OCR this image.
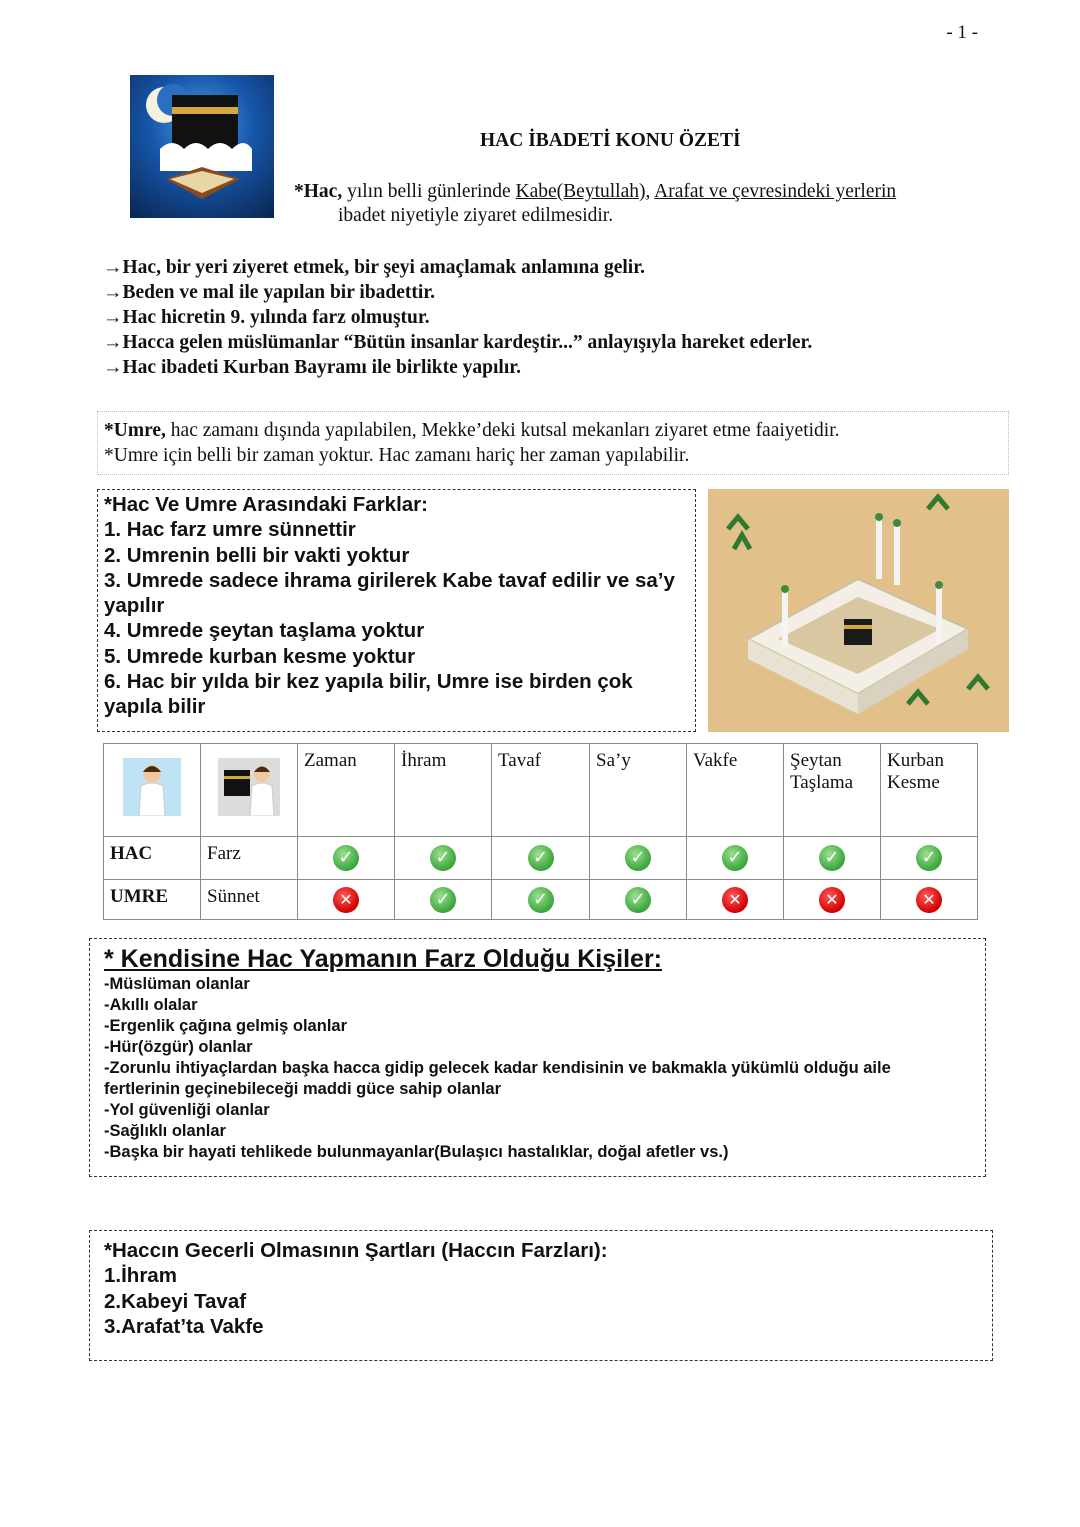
- 1 -
HAC İBADETİ KONU ÖZETİ
*Hac, yılın belli günlerinde Kabe(Beytullah), Arafat ve çevresindeki yerlerin
ibadet niyetiyle ziyaret edilmesidir.
→Hac, bir yeri ziyeret etmek, bir şeyi amaçlamak anlamına gelir.
→Beden ve mal ile yapılan bir ibadettir.
→Hac hicretin 9. yılında farz olmuştur.
→Hacca gelen müslümanlar “Bütün insanlar kardeştir...” anlayışıyla hareket ederler.
→Hac ibadeti Kurban Bayramı ile birlikte yapılır.
*Umre, hac zamanı dışında yapılabilen, Mekke’deki kutsal mekanları ziyaret etme faaiyetidir.
*Umre için belli bir zaman yoktur. Hac zamanı hariç her zaman yapılabilir.
*Hac Ve Umre Arasındaki Farklar:
1. Hac farz umre sünnettir
2. Umrenin belli bir vakti yoktur
3. Umrede sadece ihrama girilerek Kabe tavaf edilir ve sa’y yapılır
4. Umrede şeytan taşlama yoktur
5. Umrede kurban kesme yoktur
6. Hac bir yılda bir kez yapıla bilir, Umre ise birden çok yapıla bilir
		Zaman	İhram	Tavaf	Sa’y	Vakfe	Şeytan Taşlama	Kurban Kesme
HAC	Farz	✓	✓	✓	✓	✓	✓	✓
UMRE	Sünnet	✕	✓	✓	✓	✕	✕	✕
* Kendisine Hac Yapmanın Farz Olduğu Kişiler:
-Müslüman olanlar
-Akıllı olalar
-Ergenlik çağına gelmiş olanlar
-Hür(özgür) olanlar
-Zorunlu ihtiyaçlardan başka hacca gidip gelecek kadar kendisinin ve bakmakla yükümlü olduğu aile fertlerinin geçinebileceği maddi güce sahip olanlar
-Yol güvenliği olanlar
-Sağlıklı olanlar
-Başka bir hayati tehlikede bulunmayanlar(Bulaşıcı hastalıklar, doğal afetler vs.)
*Haccın Gecerli Olmasının Şartları (Haccın Farzları):
1.İhram
2.Kabeyi Tavaf
3.Arafat’ta Vakfe
